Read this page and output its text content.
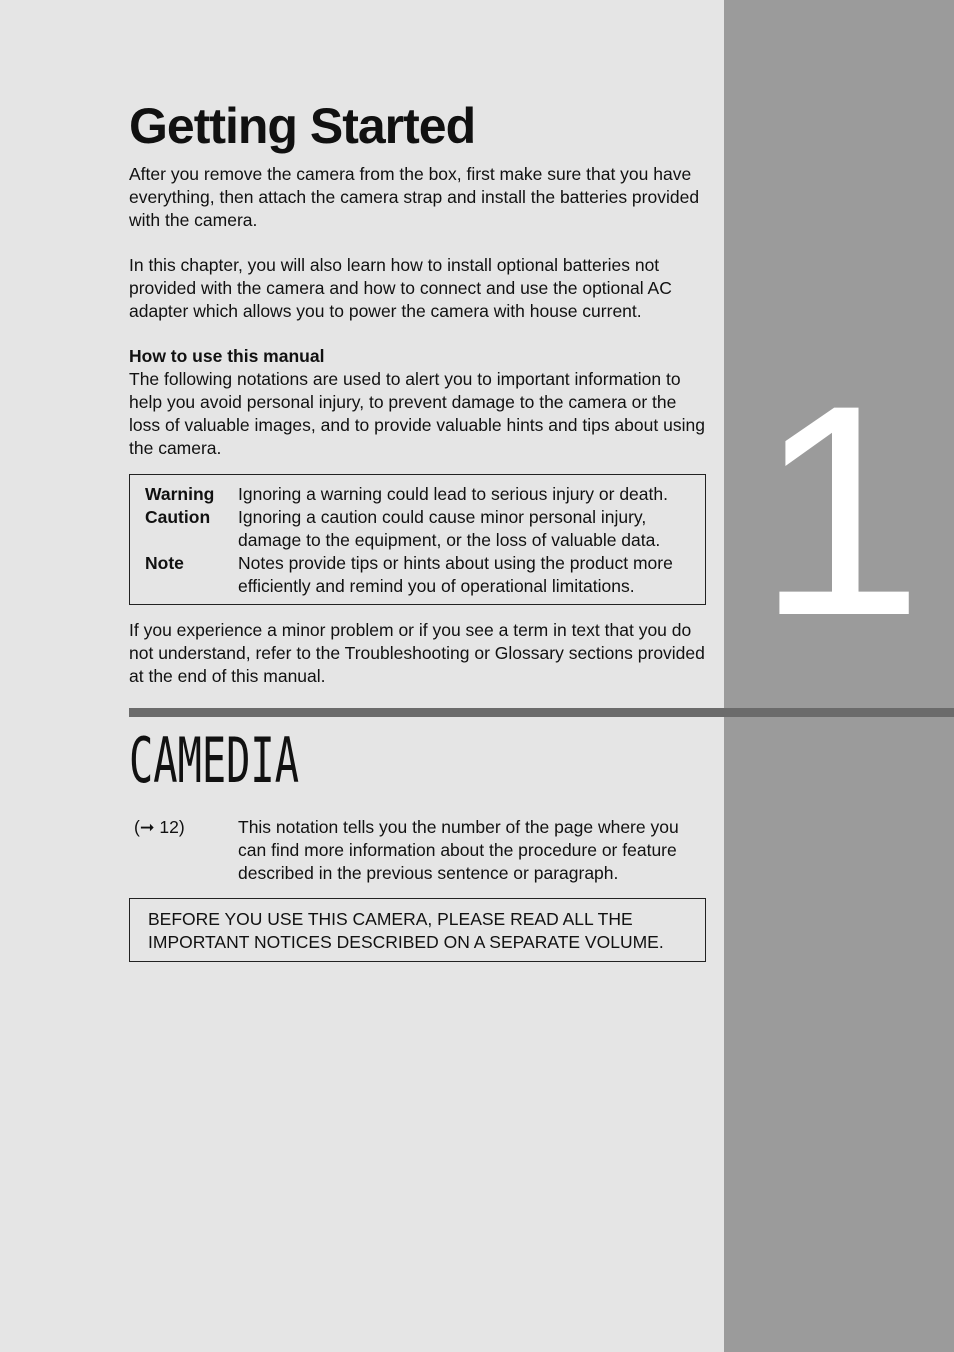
1
Getting Started

After you remove the camera from the box, first make sure that you have everything, then attach the camera strap and install the batteries provided with the camera.

In this chapter, you will also learn how to install optional batteries not provided with the camera and how to connect and use the optional AC adapter which allows you to power the camera with house current.

How to use this manual

The following notations are used to alert you to important information to help you avoid personal injury, to prevent damage to the camera or the loss of valuable images, and to provide valuable hints and tips about using the camera.

Warning	Ignoring a warning could lead to serious injury or death.
Caution	Ignoring a caution could cause minor personal injury, damage to the equipment, or the loss of valuable data.
Note	Notes provide tips or hints about using the product more efficiently and remind you of operational limitations.

If you experience a minor problem or if you see a term in text that you do not understand, refer to the Troubleshooting or Glossary sections provided at the end of this manual.

CAMEDIA
(➞ 12)	This notation tells you the number of the page where you can find more information about the procedure or feature described in the previous sentence or paragraph.

BEFORE YOU USE THIS CAMERA, PLEASE READ ALL THE IMPORTANT NOTICES DESCRIBED ON A SEPARATE VOLUME.
